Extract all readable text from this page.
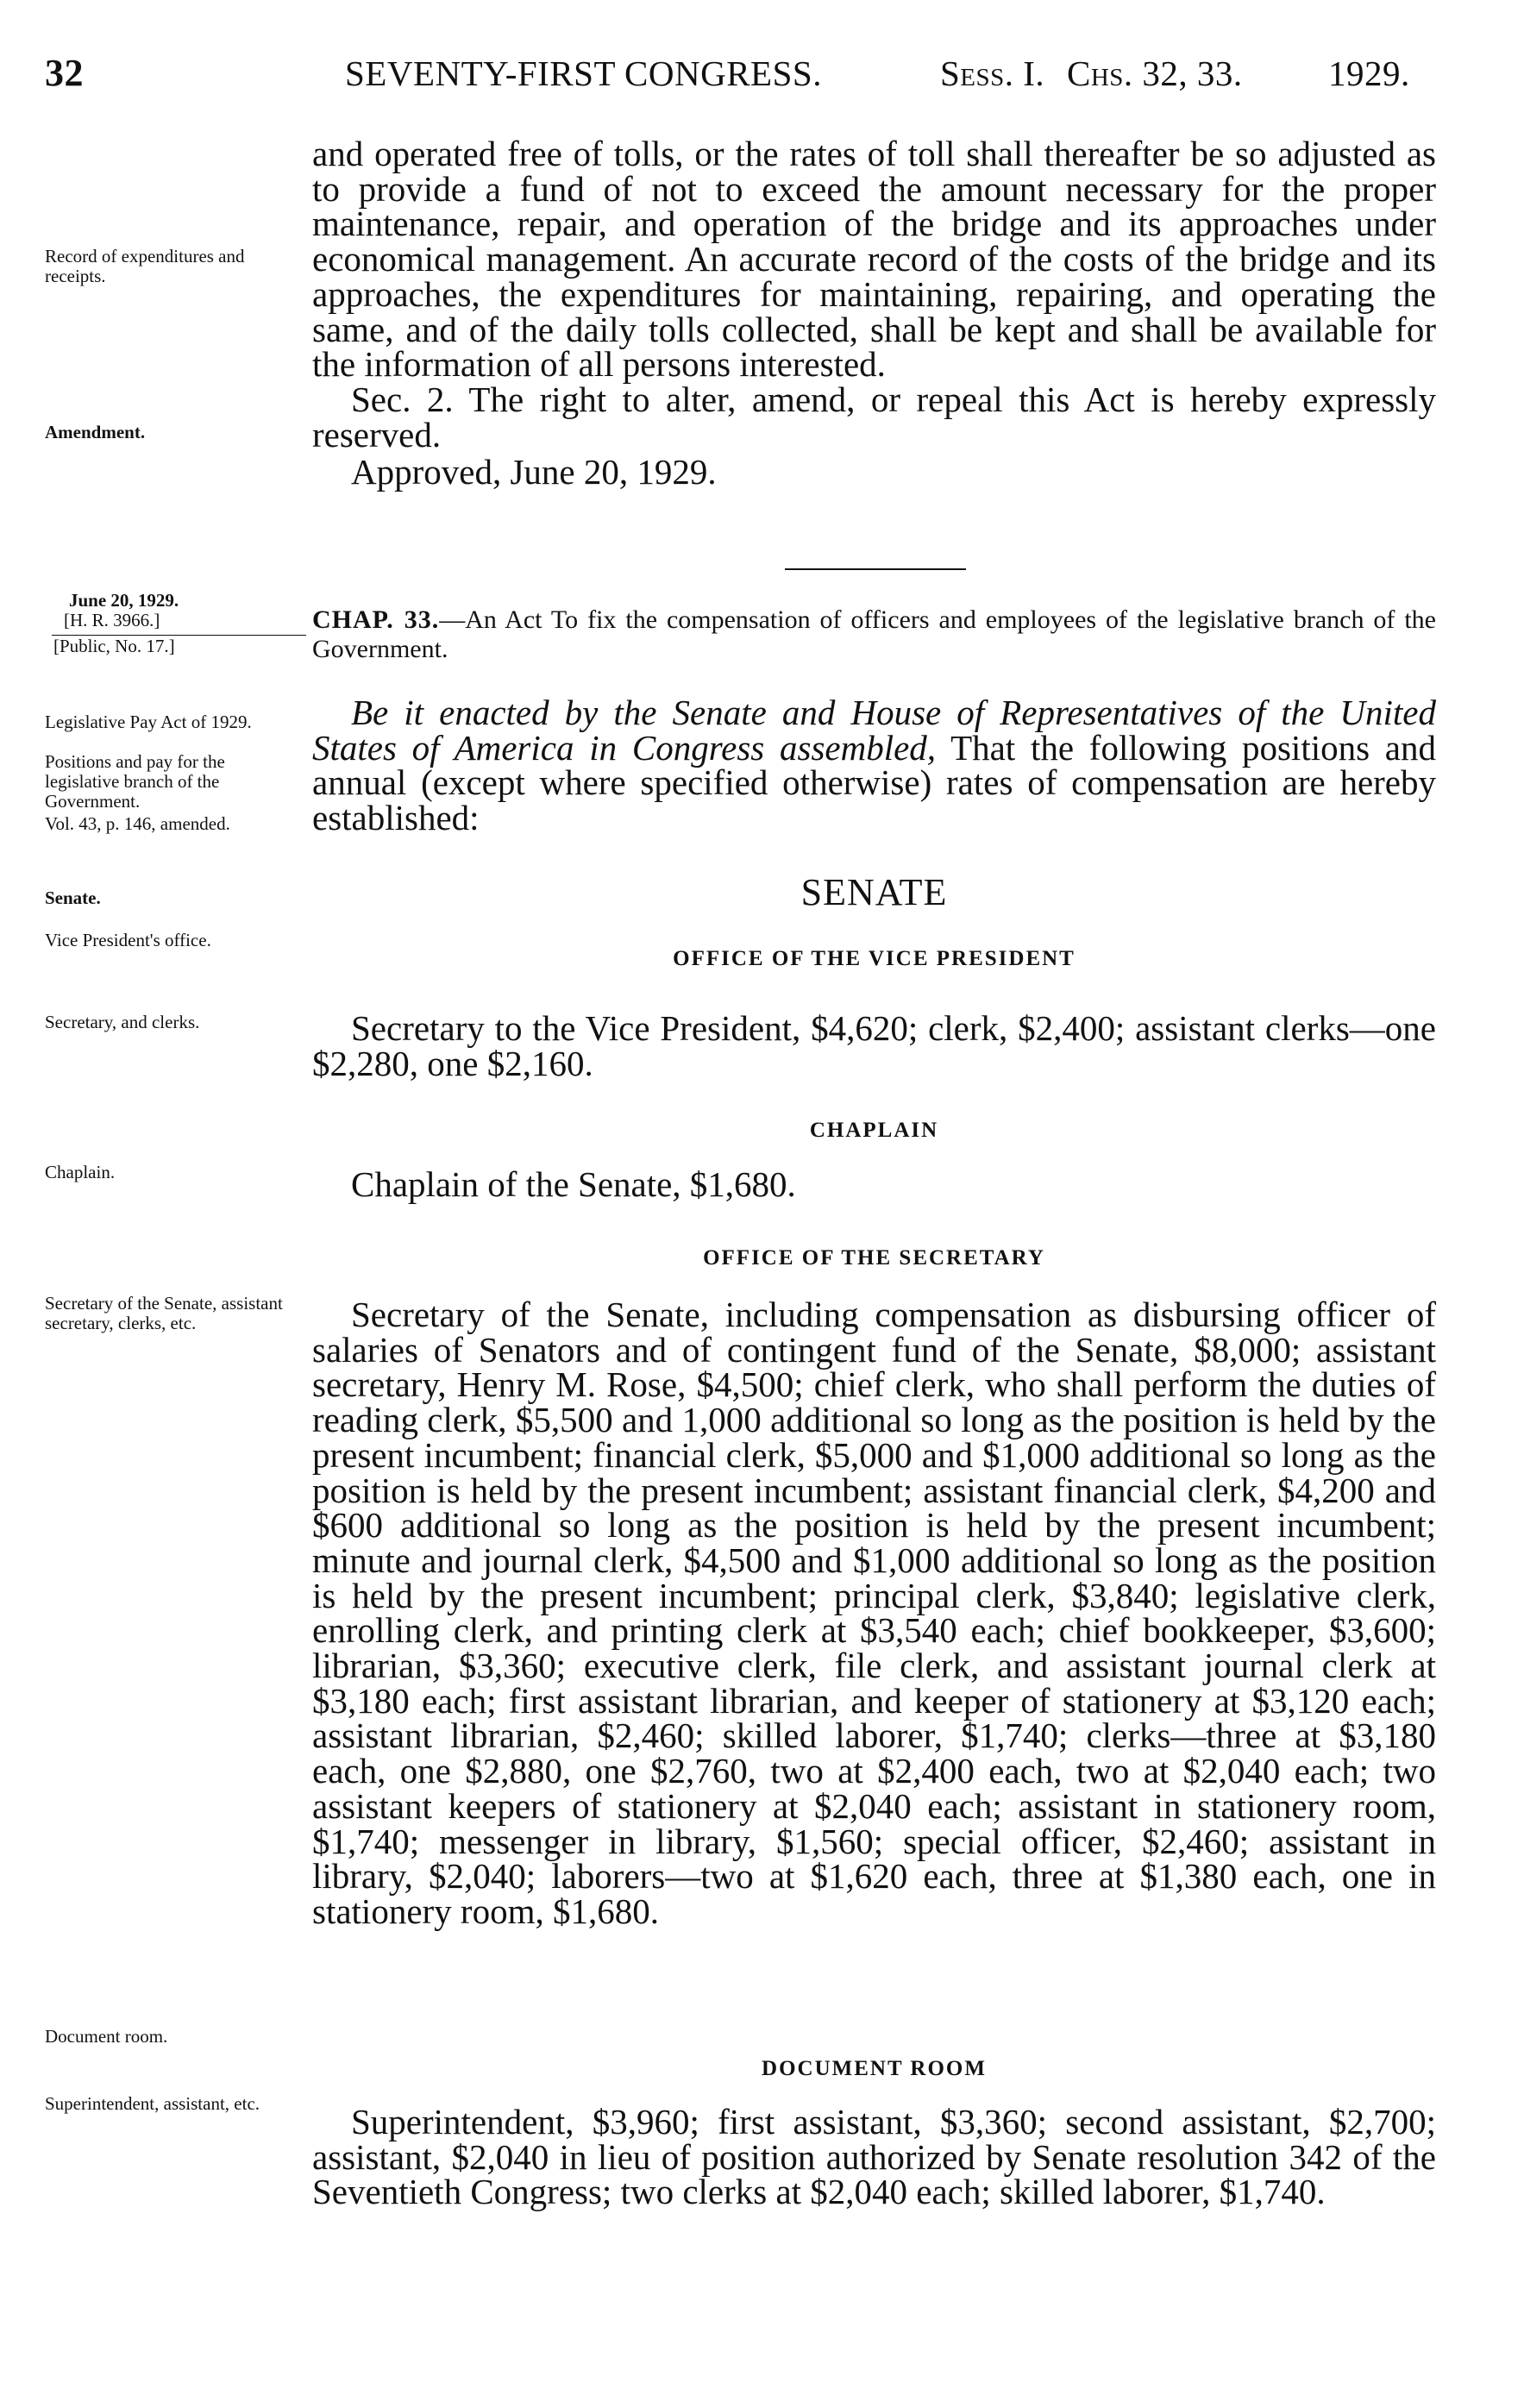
32	SEVENTY-FIRST CONGRESS.	Sess. I. Chs. 32, 33. 1929.

and operated free of tolls, or the rates of toll shall thereafter be so adjusted as to provide a fund of not to exceed the amount necessary for the proper maintenance, repair, and operation of the bridge and its approaches under economical management. An accurate record of the costs of the bridge and its approaches, the expenditures for maintaining, repairing, and operating the same, and of the daily tolls collected, shall be kept and shall be available for the information of all persons interested.

Sec. 2. The right to alter, amend, or repeal this Act is hereby expressly reserved.

Approved, June 20, 1929.

Record of expenditures and receipts.
Amendment.
June 20, 1929.
[H. R. 3966.]
[Public, No. 17.]
CHAP. 33.—An Act To fix the compensation of officers and employees of the legislative branch of the Government.

Be it enacted by the Senate and House of Representatives of the United States of America in Congress assembled, That the following positions and annual (except where specified otherwise) rates of compensation are hereby established:

Legislative Pay Act of 1929.
Positions and pay for the legislative branch of the Government.
Vol. 43, p. 146, amended.
SENATE
Senate.
OFFICE OF THE VICE PRESIDENT
Vice President's office.

Secretary to the Vice President, $4,620; clerk, $2,400; assistant clerks—one $2,280, one $2,160.

Secretary, and clerks.
CHAPLAIN
Chaplain.	Chaplain of the Senate, $1,680.

OFFICE OF THE SECRETARY
Secretary of the Senate, assistant secretary, clerks, etc.	Secretary of the Senate, including compensation as disbursing officer of salaries of Senators and of contingent fund of the Senate, $8,000; assistant secretary, Henry M. Rose, $4,500; chief clerk, who shall perform the duties of reading clerk, $5,500 and 1,000 additional so long as the position is held by the present incumbent; financial clerk, $5,000 and $1,000 additional so long as the position is held by the present incumbent; assistant financial clerk, $4,200 and $600 additional so long as the position is held by the present incumbent; minute and journal clerk, $4,500 and $1,000 additional so long as the position is held by the present incumbent; principal clerk, $3,840; legislative clerk, enrolling clerk, and printing clerk at $3,540 each; chief bookkeeper, $3,600; librarian, $3,360; executive clerk, file clerk, and assistant journal clerk at $3,180 each; first assistant librarian, and keeper of stationery at $3,120 each; assistant librarian, $2,460; skilled laborer, $1,740; clerks—three at $3,180 each, one $2,880, one $2,760, two at $2,400 each, two at $2,040 each; two assistant keepers of stationery at $2,040 each; assistant in stationery room, $1,740; messenger in library, $1,560; special officer, $2,460; assistant in library, $2,040; laborers—two at $1,620 each, three at $1,380 each, one in stationery room, $1,680.

Document room.
DOCUMENT ROOM
Superintendent, assistant, etc.	Superintendent, $3,960; first assistant, $3,360; second assistant, $2,700; assistant, $2,040 in lieu of position authorized by Senate resolution 342 of the Seventieth Congress; two clerks at $2,040 each; skilled laborer, $1,740.
